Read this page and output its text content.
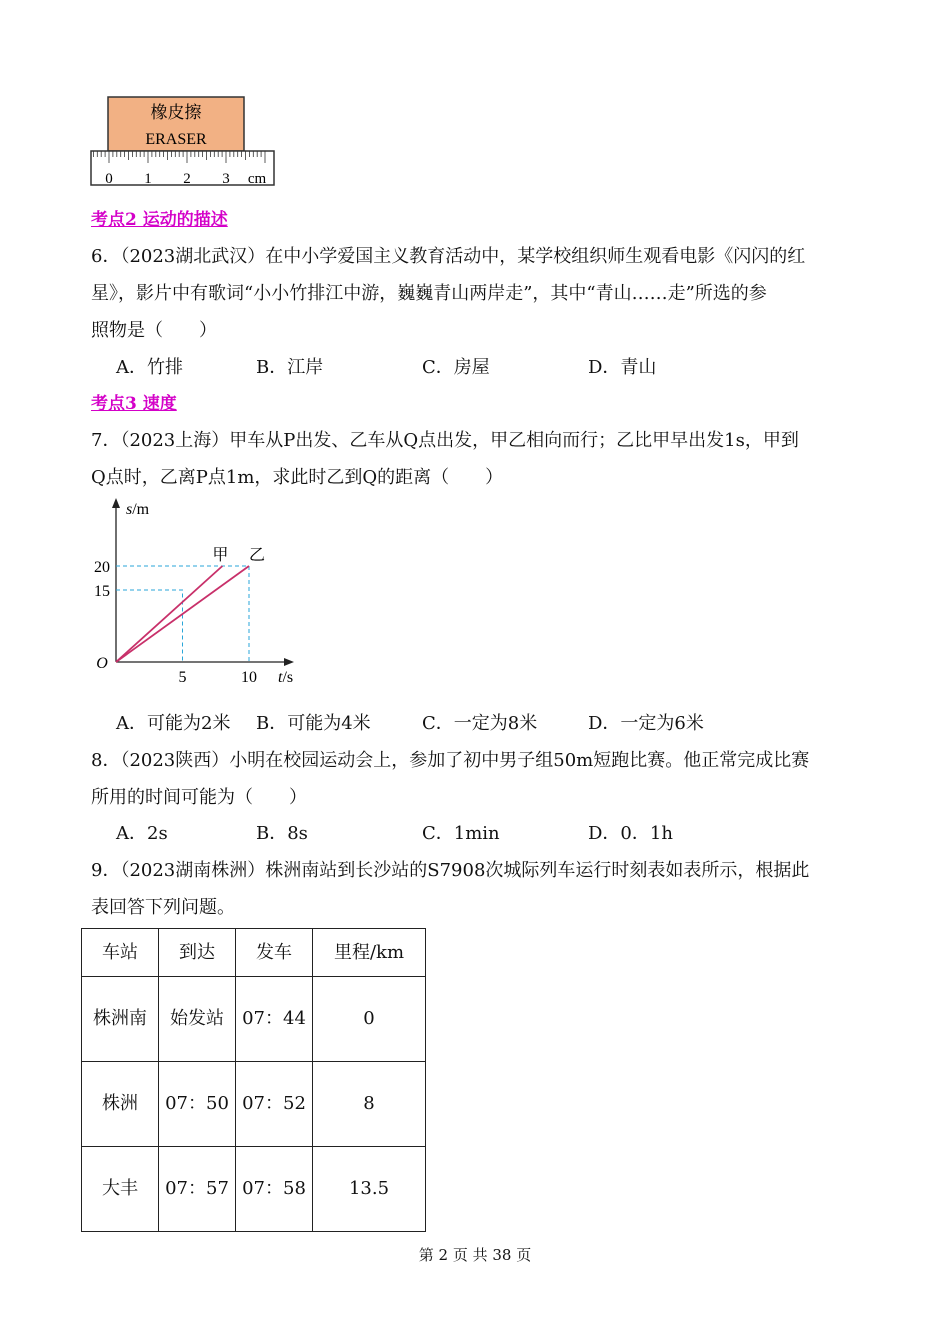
橡皮擦
ERASER
0 1 2 3 cm
考点2 运动的描述
6．（2023湖北武汉）在中小学爱国主义教育活动中，某学校组织师生观看电影《闪闪的红
星》，影片中有歌词“小小竹排江中游，巍巍青山两岸走”，其中“青山……走”所选的参
照物是（　　）
A．竹排	B．江岸	C．房屋	D．青山
考点3 速度
7．（2023上海）甲车从P出发、乙车从Q点出发，甲乙相向而行；乙比甲早出发1s，甲到
Q点时，乙离P点1m，求此时乙到Q的距离（　　）
甲 乙
5	10
15
20
O
s/m
t/s
A．可能为2米 B．可能为4米	C．一定为8米	D．一定为6米
8．（2023陕西）小明在校园运动会上，参加了初中男子组50m短跑比赛。他正常完成比赛
所用的时间可能为（　　）
A．2s	B．8s	C．1min	D．0．1h
9．（2023湖南株洲）株洲南站到长沙站的S7908次城际列车运行时刻表如表所示，根据此
表回答下列问题。
车站	到达	发车	里程/km
株洲南	始发站	07：44	0
株洲	07：50	07：52	8
大丰	07：57	07：58	13.5
第 2 页 共 38 页
